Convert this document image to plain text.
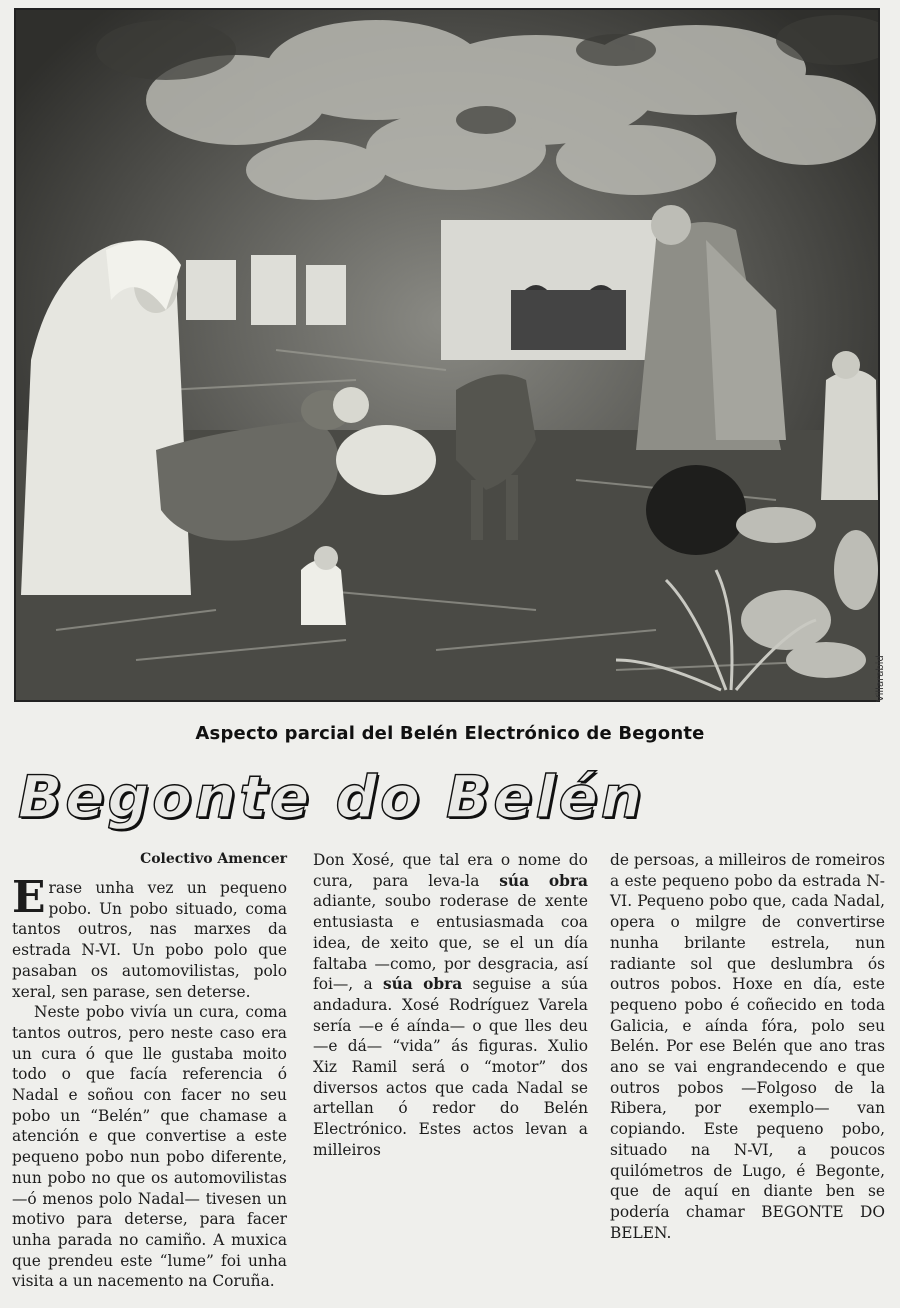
Villarabid
Aspecto parcial del Belén Electrónico de Begonte
Begonte do Belén
Colectivo Amencer

Erase unha vez un pequeno pobo. Un pobo situado, coma tantos outros, nas marxes da estrada N-VI. Un pobo polo que pasaban os automovilistas, polo xeral, sen parase, sen deterse.

Neste pobo vivía un cura, coma tantos outros, pero neste caso era un cura ó que lle gustaba moito todo o que facía referencia ó Nadal e soñou con facer no seu pobo un “Belén” que chamase a atención e que convertise a este pequeno pobo nun pobo diferente, nun pobo no que os automovilistas —ó menos polo Nadal— tivesen un motivo para deterse, para facer unha parada no camiño. A muxica que prendeu este “lume” foi unha visita a un nacemento na Coruña.

de persoas, a milleiros de romeiros a este pequeno pobo da estrada N-VI. Pequeno pobo que, cada Nadal, opera o milgre de convertirse nunha brilante estrela, nun radiante sol que deslumbra ós outros pobos. Hoxe en día, este pequeno pobo é coñecido en toda Galicia, e aínda fóra, polo seu Belén. Por ese Belén que ano tras ano se vai engrandecendo e que outros pobos —Folgoso de la Ribera, por exemplo— van copiando. Este pequeno pobo, situado na N-VI, a poucos quilómetros de Lugo, é Begonte, que de aquí en diante ben se podería chamar BEGONTE DO BELEN.

Don Xosé, que tal era o nome do cura, para leva-la súa obra adiante, soubo roderase de xente entusiasta e entusiasmada coa idea, de xeito que, se el un día faltaba —como, por desgracia, así foi—, a súa obra seguise a súa andadura. Xosé Rodríguez Varela sería —e é aínda— o que lles deu —e dá— “vida” ás figuras. Xulio Xiz Ramil será o “motor” dos diversos actos que cada Nadal se artellan ó redor do Belén Electrónico. Estes actos levan a milleiros
